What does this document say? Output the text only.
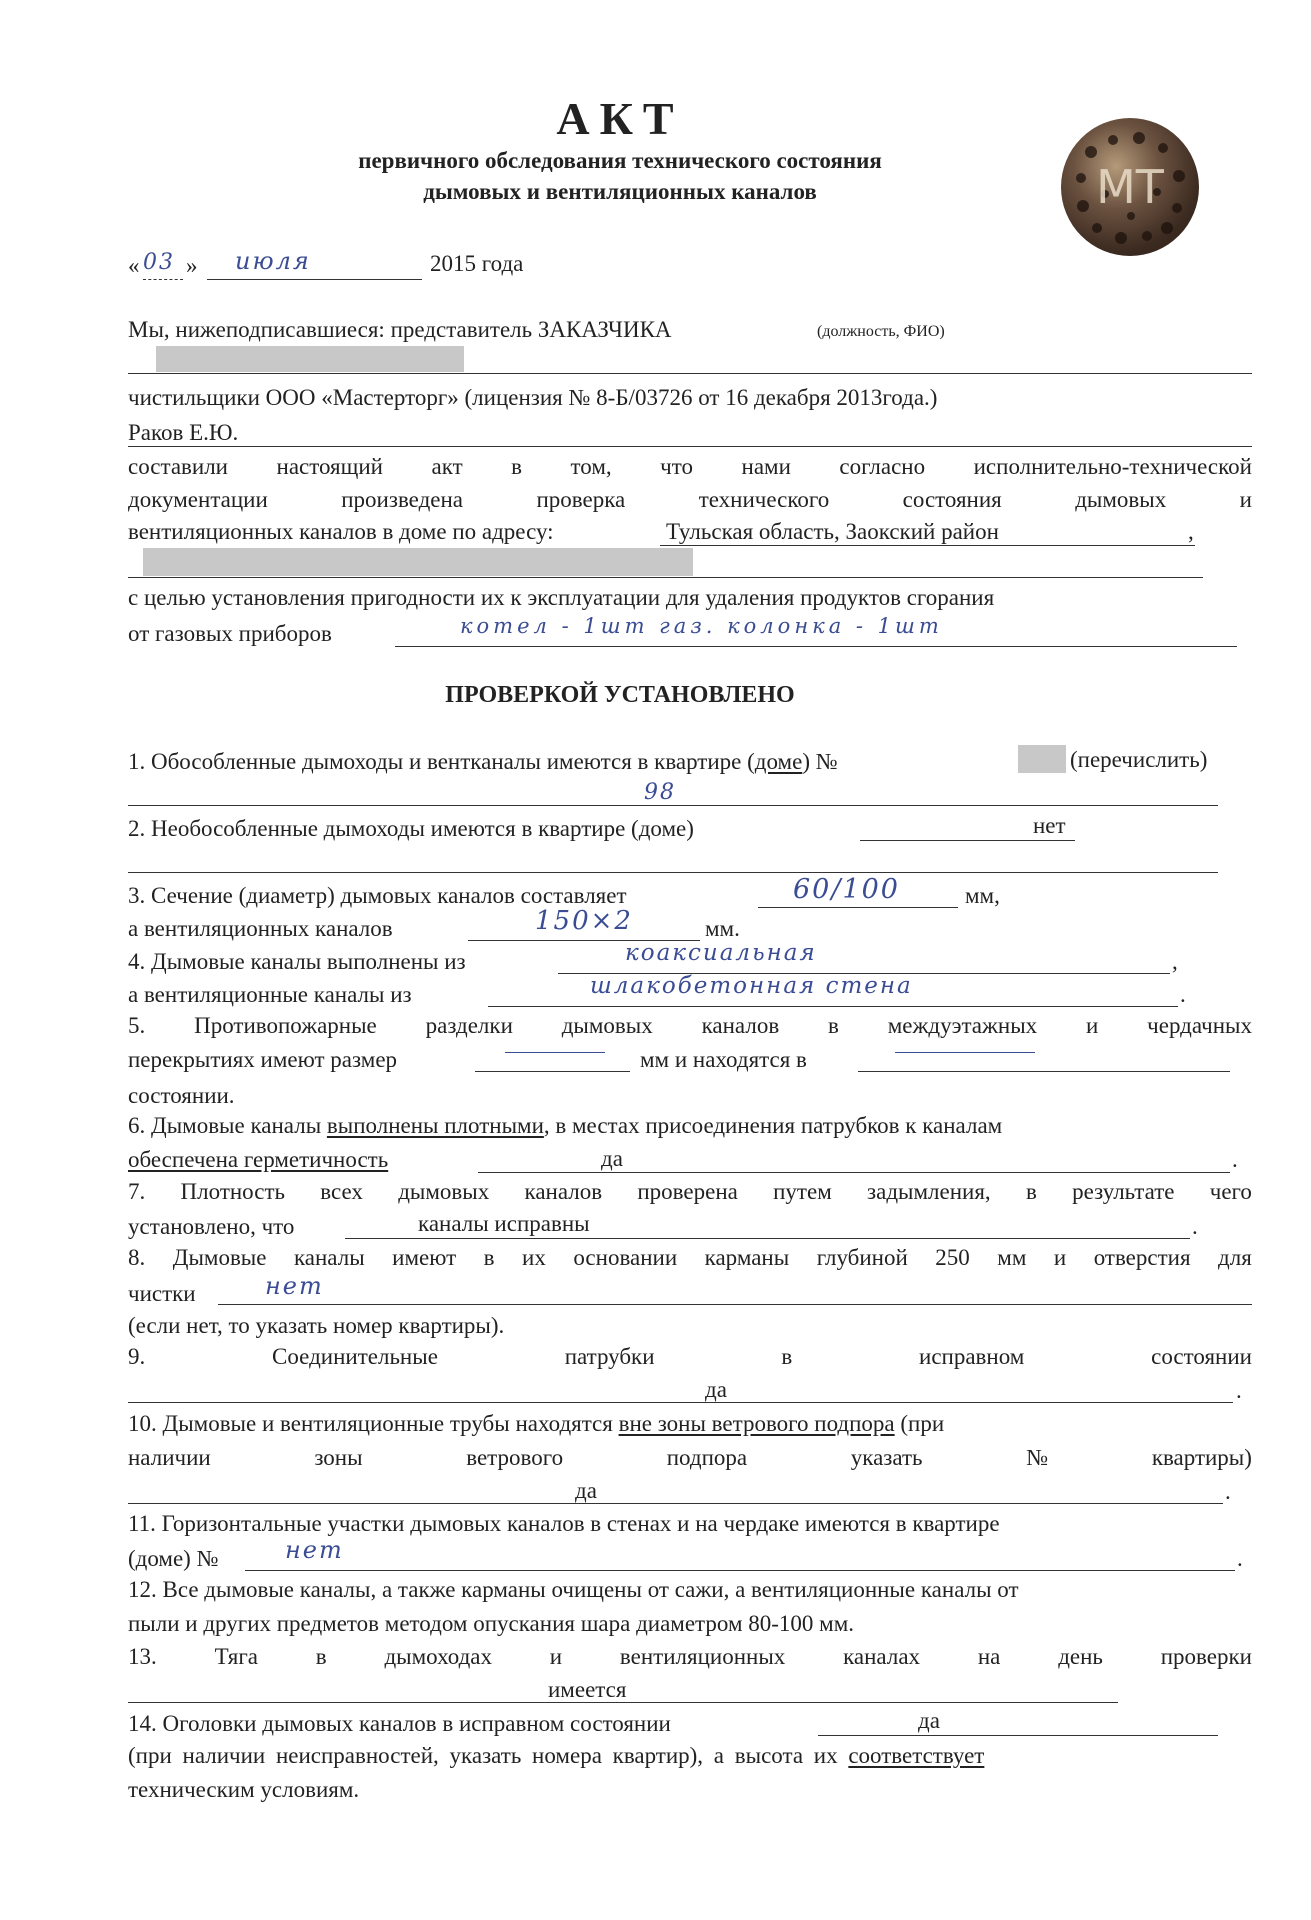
АКТ
первичного обследования технического состояния
дымовых и вентиляционных каналов	МТ
« 03 » июля	2015 года
Мы, нижеподписавшиеся: представитель ЗАКАЗЧИКА	(должность, ФИО)
чистильщики ООО «Мастерторг» (лицензия № 8-Б/03726 от 16 декабря 2013года.)
Раков Е.Ю.
составили настоящий акт в том, что нами согласно исполнительно-технической
документации	произведена	проверка	технического	состояния	дымовых	и
вентиляционных каналов в доме по адресу:	Тульская область, Заокский район	,
с целью установления пригодности их к эксплуатации для удаления продуктов сгорания
от газовых приборов	котел - 1шт газ. колонка - 1шт
ПРОВЕРКОЙ УСТАНОВЛЕНО
1. Обособленные дымоходы и вентканалы имеются в квартире (доме) №	(перечислить)
98
2. Необособленные дымоходы имеются в квартире (доме)	нет
3. Сечение (диаметр) дымовых каналов составляет	60/100	мм,
а вентиляционных каналов	150×2	мм.
4. Дымовые каналы выполнены из	коаксиальная	,
а вентиляционные каналы из	шлакобетонная стена	.
5. Противопожарные разделки дымовых каналов в междуэтажных и чердачных
перекрытиях имеют размер	мм и находятся в
состоянии.
6. Дымовые каналы выполнены плотными, в местах присоединения патрубков к каналам
обеспечена герметичность	да	.
7. Плотность всех дымовых каналов проверена путем задымления, в результате чего
установлено, что	каналы исправны	.
8. Дымовые каналы имеют в их основании карманы глубиной 250 мм и отверстия для
чистки	нет
(если нет, то указать номер квартиры).
9.	Соединительные	патрубки	в	исправном	состоянии
да	.
10. Дымовые и вентиляционные трубы находятся вне зоны ветрового подпора (при
наличии	зоны	ветрового	подпора	указать	№	квартиры)
да	.
11. Горизонтальные участки дымовых каналов в стенах и на чердаке имеются в квартире
(доме) №	нет	.
12. Все дымовые каналы, а также карманы очищены от сажи, а вентиляционные каналы от
пыли и других предметов методом опускания шара диаметром 80-100 мм.
13.	Тяга	в	дымоходах	и	вентиляционных	каналах	на	день	проверки
имеется
14. Оголовки дымовых каналов в исправном состоянии	да
(при наличии неисправностей, указать номера квартир), а высота их соответствует
техническим условиям.
